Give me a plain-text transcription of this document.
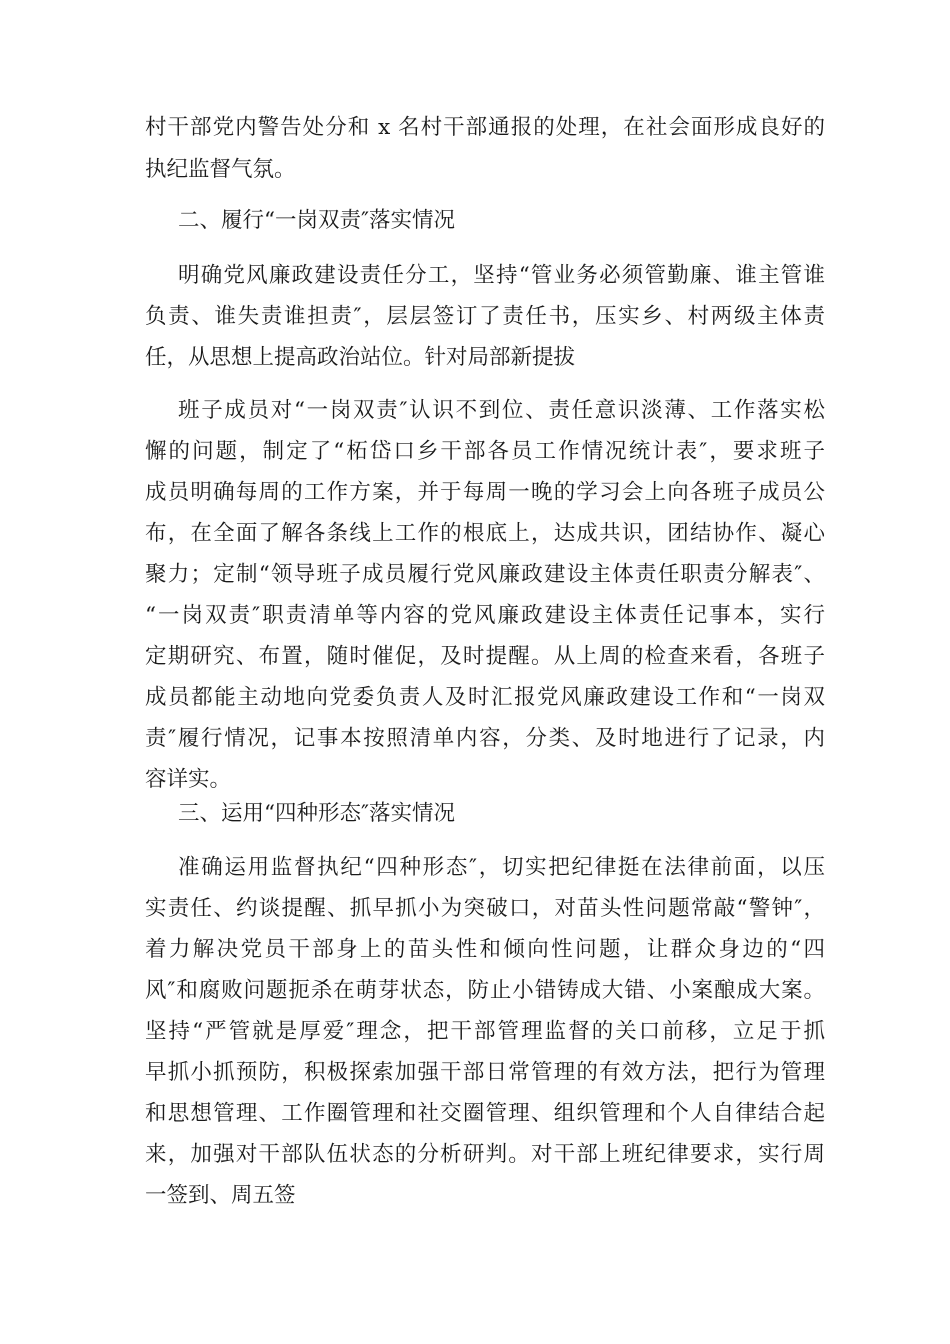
村干部党内警告处分和 x 名村干部通报的处理，在社会面形成良好的
执纪监督气氛。
二、履行“一岗双责″落实情况
明确党风廉政建设责任分工，坚持“管业务必须管勤廉、谁主管谁
负责、谁失责谁担责″，层层签订了责任书，压实乡、村两级主体责
任，从思想上提高政治站位。针对局部新提拔
班子成员对“一岗双责″认识不到位、责任意识淡薄、工作落实松
懈的问题，制定了“柘岱口乡干部各员工作情况统计表″，要求班子
成员明确每周的工作方案，并于每周一晚的学习会上向各班子成员公
布，在全面了解各条线上工作的根底上，达成共识，团结协作、凝心
聚力；定制“领导班子成员履行党风廉政建设主体责任职责分解表″、
“一岗双责″职责清单等内容的党风廉政建设主体责任记事本，实行
定期研究、布置，随时催促，及时提醒。从上周的检查来看，各班子
成员都能主动地向党委负责人及时汇报党风廉政建设工作和“一岗双
责″履行情况，记事本按照清单内容，分类、及时地进行了记录，内
容详实。
三、运用“四种形态″落实情况
准确运用监督执纪“四种形态″，切实把纪律挺在法律前面，以压
实责任、约谈提醒、抓早抓小为突破口，对苗头性问题常敲“警钟″，
着力解决党员干部身上的苗头性和倾向性问题，让群众身边的“四
风″和腐败问题扼杀在萌芽状态，防止小错铸成大错、小案酿成大案。
坚持“严管就是厚爱″理念，把干部管理监督的关口前移，立足于抓
早抓小抓预防，积极探索加强干部日常管理的有效方法，把行为管理
和思想管理、工作圈管理和社交圈管理、组织管理和个人自律结合起
来，加强对干部队伍状态的分析研判。对干部上班纪律要求，实行周
一签到、周五签
